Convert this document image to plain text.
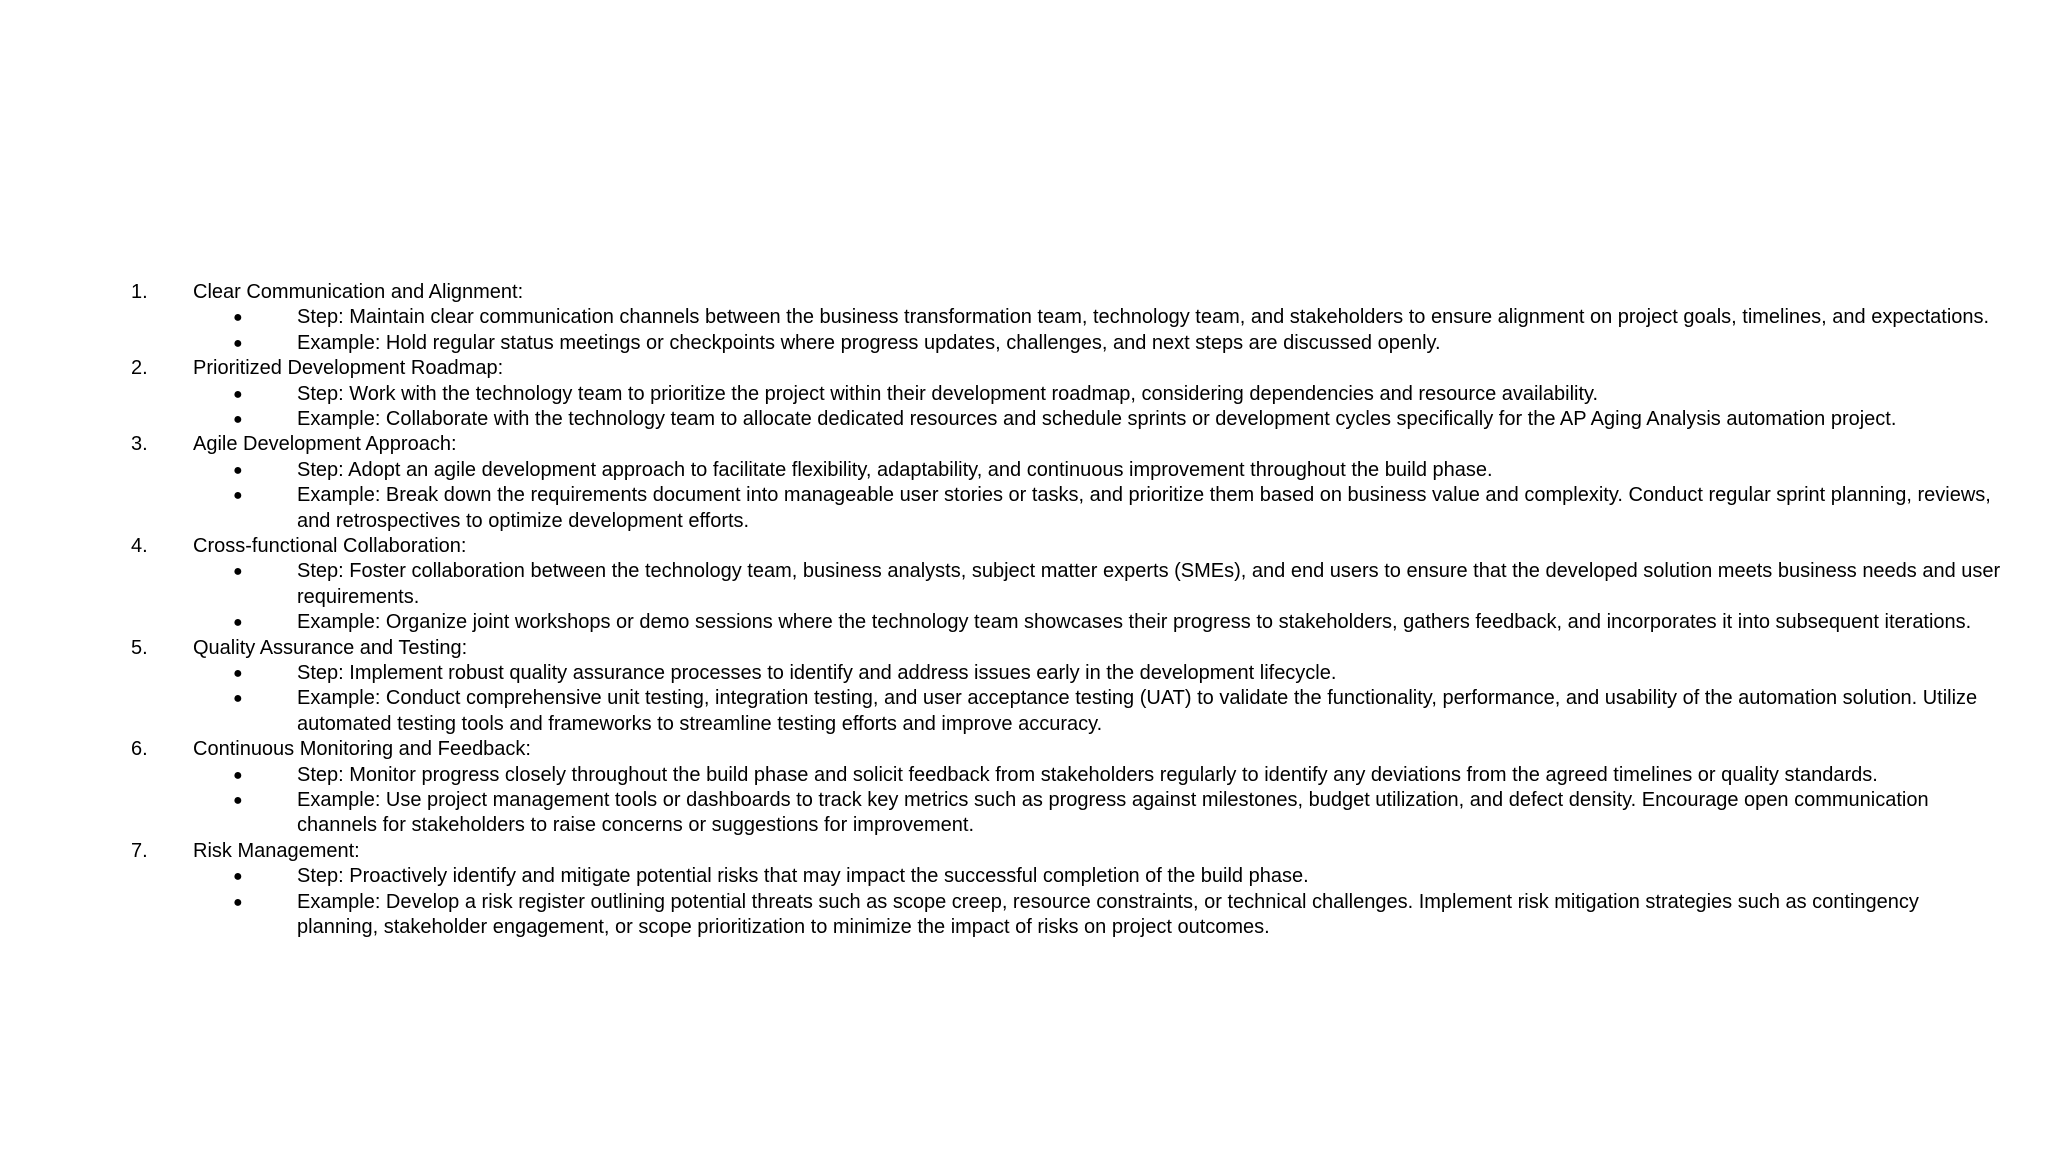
1. Clear Communication and Alignment:
●	Step: Maintain clear communication channels between the business transformation team, technology team, and stakeholders to ensure alignment on project goals, timelines, and expectations.
●	Example: Hold regular status meetings or checkpoints where progress updates, challenges, and next steps are discussed openly.
2. Prioritized Development Roadmap:
●	Step: Work with the technology team to prioritize the project within their development roadmap, considering dependencies and resource availability.
●	Example: Collaborate with the technology team to allocate dedicated resources and schedule sprints or development cycles specifically for the AP Aging Analysis automation project.
3. Agile Development Approach:
●	Step: Adopt an agile development approach to facilitate flexibility, adaptability, and continuous improvement throughout the build phase.
●	Example: Break down the requirements document into manageable user stories or tasks, and prioritize them based on business value and complexity. Conduct regular sprint planning, reviews, and retrospectives to optimize development efforts.
4. Cross-functional Collaboration:
●	Step: Foster collaboration between the technology team, business analysts, subject matter experts (SMEs), and end users to ensure that the developed solution meets business needs and user requirements.
●	Example: Organize joint workshops or demo sessions where the technology team showcases their progress to stakeholders, gathers feedback, and incorporates it into subsequent iterations.
5. Quality Assurance and Testing:
●	Step: Implement robust quality assurance processes to identify and address issues early in the development lifecycle.
●	Example: Conduct comprehensive unit testing, integration testing, and user acceptance testing (UAT) to validate the functionality, performance, and usability of the automation solution. Utilize automated testing tools and frameworks to streamline testing efforts and improve accuracy.
6. Continuous Monitoring and Feedback:
●	Step: Monitor progress closely throughout the build phase and solicit feedback from stakeholders regularly to identify any deviations from the agreed timelines or quality standards.
●	Example: Use project management tools or dashboards to track key metrics such as progress against milestones, budget utilization, and defect density. Encourage open communication channels for stakeholders to raise concerns or suggestions for improvement.
7. Risk Management:
●	Step: Proactively identify and mitigate potential risks that may impact the successful completion of the build phase.
●	Example: Develop a risk register outlining potential threats such as scope creep, resource constraints, or technical challenges. Implement risk mitigation strategies such as contingency planning, stakeholder engagement, or scope prioritization to minimize the impact of risks on project outcomes.
